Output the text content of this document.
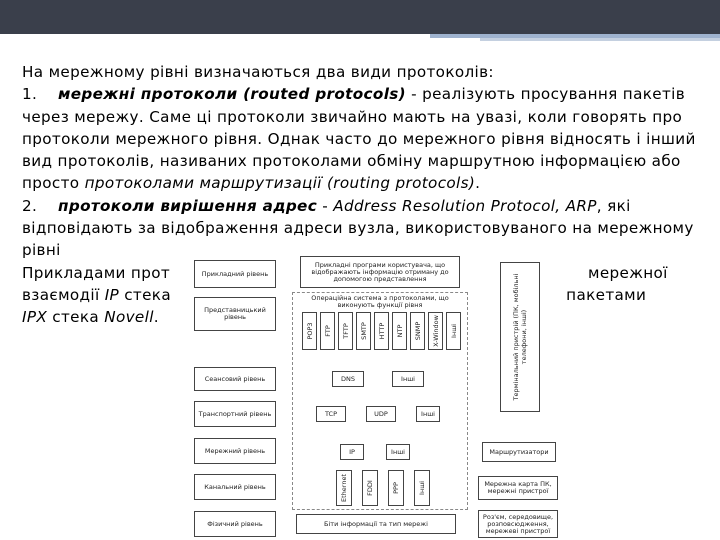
На мережному рівні визначаються два види протоколів:

1. мережні протоколи (routed protocols) - реалізують просування пакетів через мережу. Саме ці протоколи звичайно мають на увазі, коли говорять про протоколи мережного рівня. Однак часто до мережного рівня відносять і інший вид протоколів, називаних протоколами обміну маршрутною інформацією або просто протоколами маршрутизації (routing protocols).

2. протоколи вирішення адрес - Address Resolution Protocol, ARP, які відповідають за відображення адреси вузла, використовуваного на мережному рівні

Прикладами прот	мережної
взаємодії IP стека	пакетами
IPX стека Novell.

Прикладний рівень
Представницький рівень
Сеансовий рівень
Транспортний рівень
Мережний рівень
Канальний рівень
Фізичний рівень
Прикладні програми користувача, що відображають інформацію отриману до допомогою представлення
Операційна система з протоколами, що виконують функції рівня
POP3 FTP TFTP SMTP HTTP NTP SNMP X-Window Інші
DNS	Інші
TCP	UDP	Інші
IP	Інші	Маршрутизатори
Ethernet	FDDI	PPP	Інші	Мережна карта ПК, мережні пристрої
Біти інформації та тип мережі
Роз'єм, середовище, розповсюдження, мережеві пристрої
Термінальний пристрій (ПК, мобільні телефони, інші)
